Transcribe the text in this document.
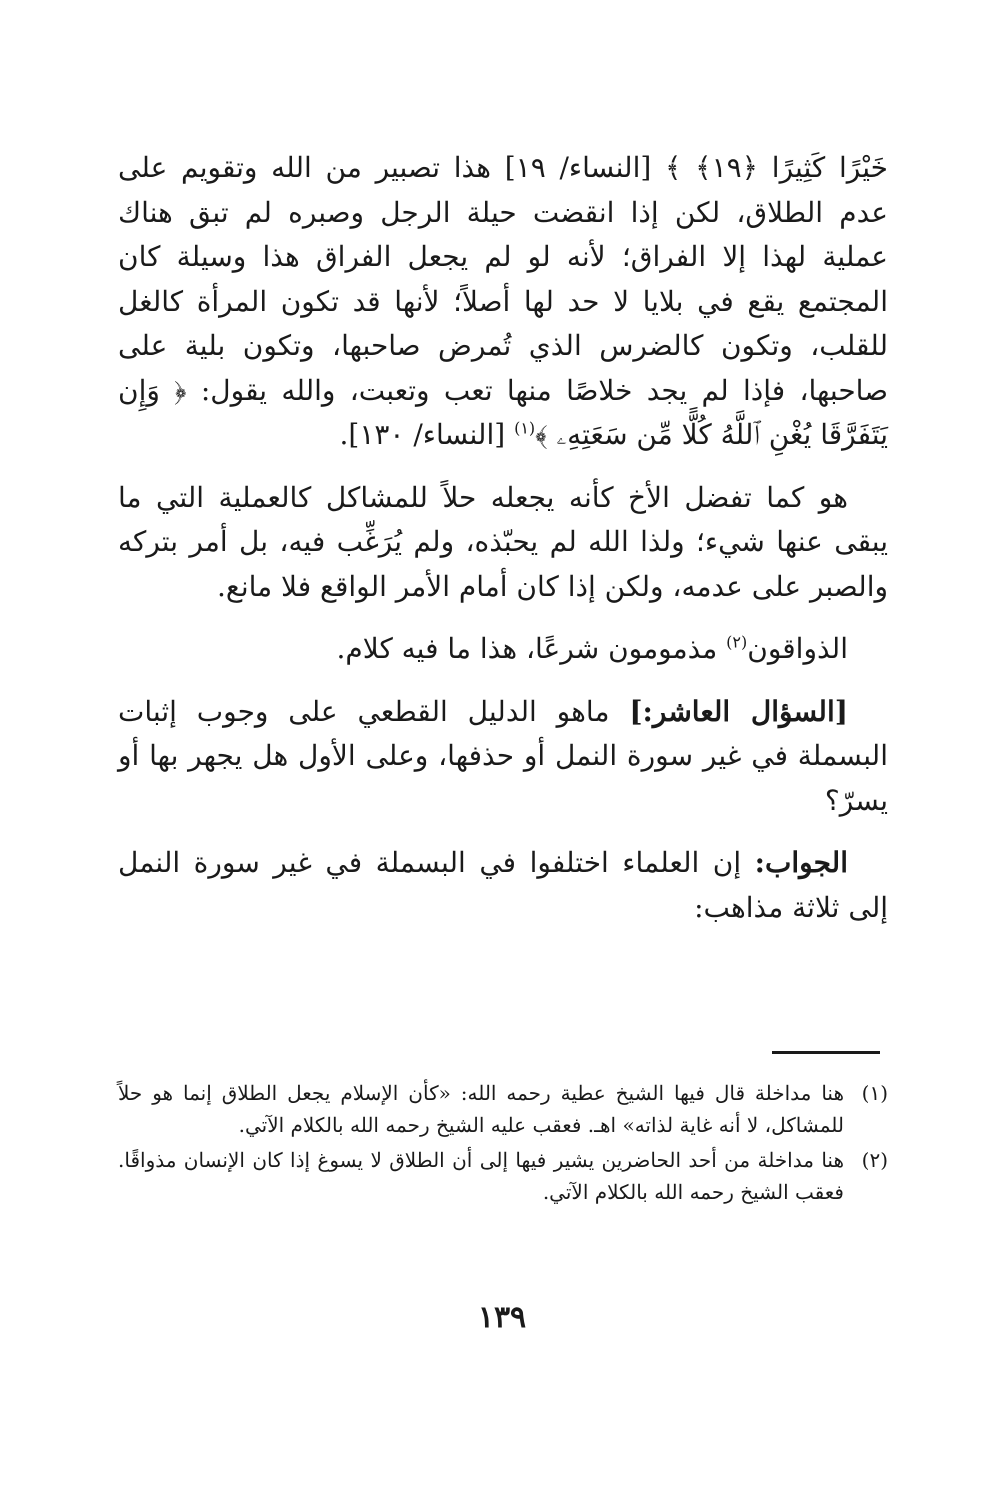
خَيْرًا كَثِيرًا ﴿١٩﴾ ﴾ [النساء/ ١٩] هذا تصبير من الله وتقويم على عدم الطلاق، لكن إذا انقضت حيلة الرجل وصبره لم تبق هناك عملية لهذا إلا الفراق؛ لأنه لو لم يجعل الفراق هذا وسيلة كان المجتمع يقع في بلايا لا حد لها أصلاً؛ لأنها قد تكون المرأة كالغل للقلب، وتكون كالضرس الذي تُمرض صاحبها، وتكون بلية على صاحبها، فإذا لم يجد خلاصًا منها تعب وتعبت، والله يقول: ﴿ وَإِن يَتَفَرَّقَا يُغْنِ ٱللَّهُ كُلًّا مِّن سَعَتِهِۦ ﴾$^{(١)}$ [النساء/ ١٣٠].

هو كما تفضل الأخ كأنه يجعله حلاً للمشاكل كالعملية التي ما يبقى عنها شيء؛ ولذا الله لم يحبّذه، ولم يُرَغِّب فيه، بل أمر بتركه والصبر على عدمه، ولكن إذا كان أمام الأمر الواقع فلا مانع.

الذواقون$^{(٢)}$ مذمومون شرعًا، هذا ما فيه كلام.

[السؤال العاشر:] ماهو الدليل القطعي على وجوب إثبات البسملة في غير سورة النمل أو حذفها، وعلى الأول هل يجهر بها أو يسرّ؟

الجواب: إن العلماء اختلفوا في البسملة في غير سورة النمل إلى ثلاثة مذاهب:

(١)
هنا مداخلة قال فيها الشيخ عطية رحمه الله: «كأن الإسلام يجعل الطلاق إنما هو حلاً للمشاكل، لا أنه غاية لذاته» اهـ. فعقب عليه الشيخ رحمه الله بالكلام الآتي.
(٢)
هنا مداخلة من أحد الحاضرين يشير فيها إلى أن الطلاق لا يسوغ إذا كان الإنسان مذواقًا. فعقب الشيخ رحمه الله بالكلام الآتي.
١٣٩
